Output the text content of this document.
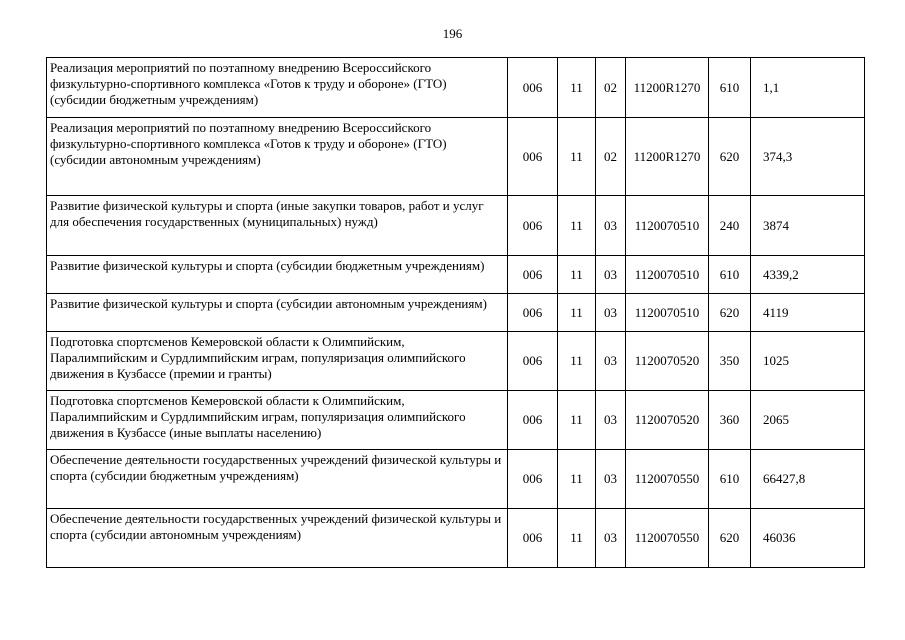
196
Реализация мероприятий по поэтапному внедрению Всероссийского физкультурно-спортивного комплекса «Готов к труду и обороне» (ГТО) (субсидии бюджетным учреждениям)	006	11	02	11200R1270	610	1,1
Реализация мероприятий по поэтапному внедрению Всероссийского физкультурно-спортивного комплекса «Готов к труду и обороне» (ГТО) (субсидии автономным учреждениям)	006	11	02	11200R1270	620	374,3
Развитие физической культуры и спорта (иные закупки товаров, работ и услуг для обеспечения государственных (муниципальных) нужд)	006	11	03	1120070510	240	3874
Развитие физической культуры и спорта (субсидии бюджетным учреждениям)	006	11	03	1120070510	610	4339,2
Развитие физической культуры и спорта (субсидии автономным учреждениям)	006	11	03	1120070510	620	4119
Подготовка спортсменов Кемеровской области к Олимпийским, Паралимпийским и Сурдлимпийским играм, популяризация олимпийского движения в Кузбассе (премии и гранты)	006	11	03	1120070520	350	1025
Подготовка спортсменов Кемеровской области к Олимпийским, Паралимпийским и Сурдлимпийским играм, популяризация олимпийского движения в Кузбассе (иные выплаты населению)	006	11	03	1120070520	360	2065
Обеспечение деятельности государственных учреждений физической культуры и спорта (субсидии бюджетным учреждениям)	006	11	03	1120070550	610	66427,8
Обеспечение деятельности государственных учреждений физической культуры и спорта (субсидии автономным учреждениям)	006	11	03	1120070550	620	46036
